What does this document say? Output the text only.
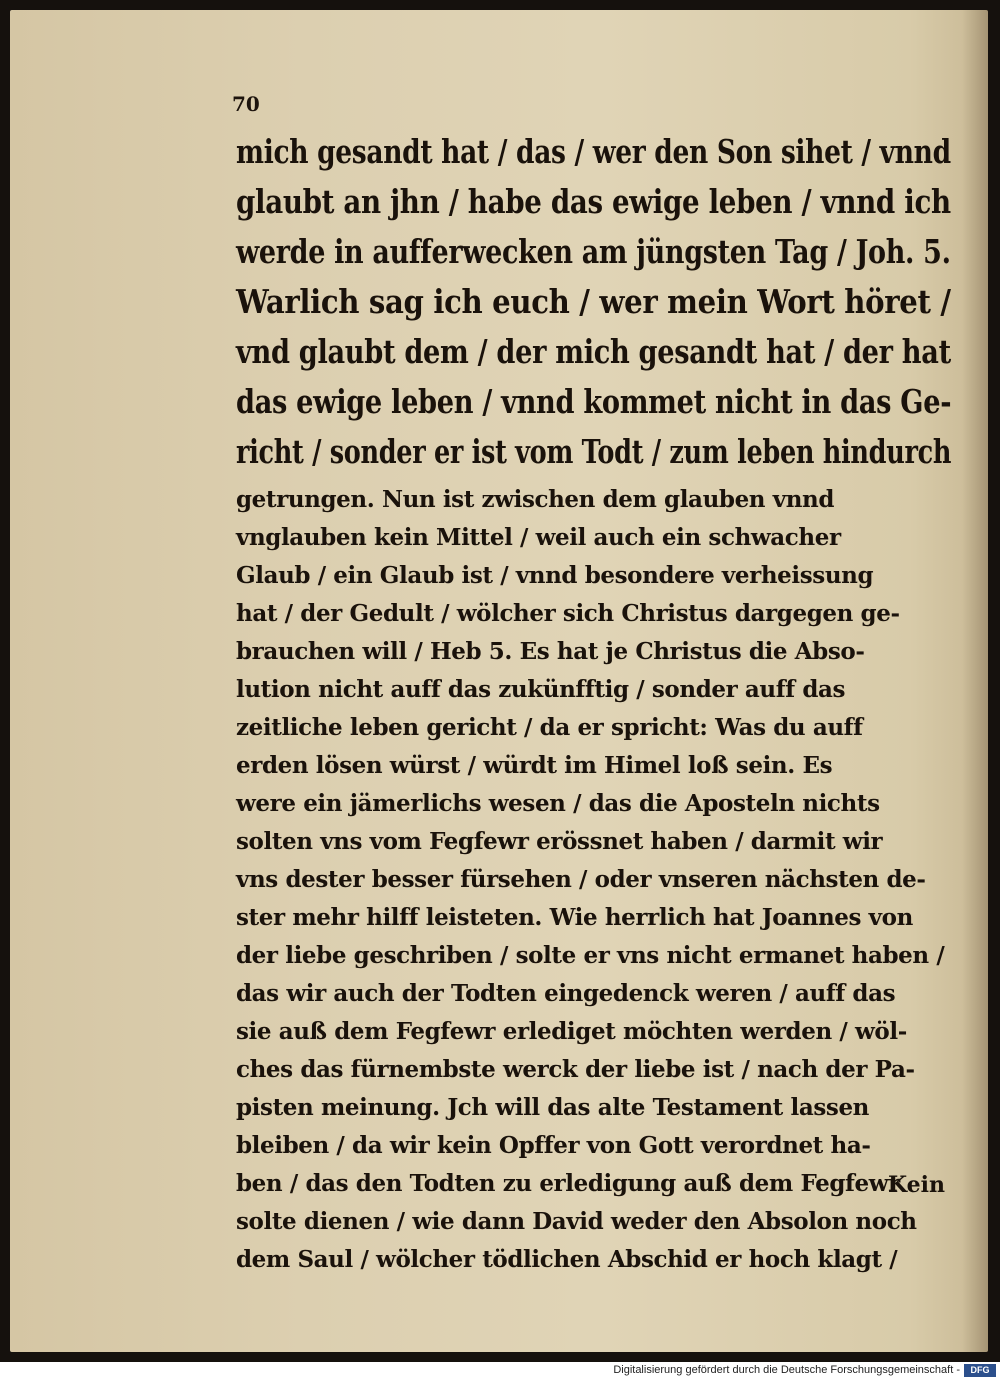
70
mich gesandt hat / das / wer den Son sihet / vnnd
glaubt an jhn / habe das ewige leben / vnnd ich
werde in aufferwecken am jüngsten Tag / Joh. 5.
Warlich sag ich euch / wer mein Wort höret /
vnd glaubt dem / der mich gesandt hat / der hat
das ewige leben / vnnd kommet nicht in das Ge-
richt / sonder er ist vom Todt / zum leben hindurch
getrungen. Nun ist zwischen dem glauben vnnd
vnglauben kein Mittel / weil auch ein schwacher
Glaub / ein Glaub ist / vnnd besondere verheissung
hat / der Gedult / wölcher sich Christus dargegen ge-
brauchen will / Heb 5. Es hat je Christus die Abso-
lution nicht auff das zukünfftig / sonder auff das
zeitliche leben gericht / da er spricht: Was du auff
erden lösen würst / würdt im Himel loß sein. Es
were ein jämerlichs wesen / das die Aposteln nichts
solten vns vom Fegfewr erössnet haben / darmit wir
vns dester besser fürsehen / oder vnseren nächsten de-
ster mehr hilff leisteten. Wie herrlich hat Joannes von
der liebe geschriben / solte er vns nicht ermanet haben /
das wir auch der Todten eingedenck weren / auff das
sie auß dem Fegfewr erlediget möchten werden / wöl-
ches das fürnembste werck der liebe ist / nach der Pa-
pisten meinung. Jch will das alte Testament lassen
bleiben / da wir kein Opffer von Gott verordnet ha-
ben / das den Todten zu erledigung auß dem Fegfewr
solte dienen / wie dann David weder den Absolon noch
dem Saul / wölcher tödlichen Abschid er hoch klagt /
Kein
Digitalisierung gefördert durch die Deutsche Forschungsgemeinschaft -	DFG
